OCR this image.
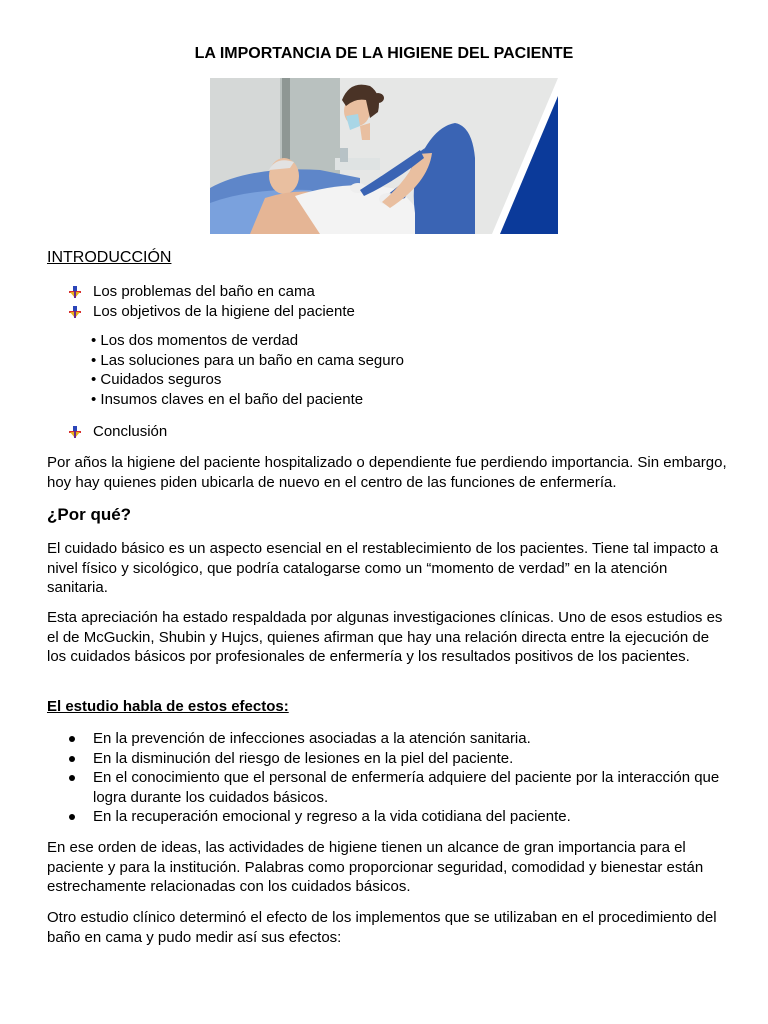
LA IMPORTANCIA DE LA HIGIENE DEL PACIENTE
INTRODUCCIÓN
Los problemas del baño en cama
Los objetivos de la higiene del paciente
• Los dos momentos de verdad
• Las soluciones para un baño en cama seguro
• Cuidados seguros
• Insumos claves en el baño del paciente
Conclusión

Por años la higiene del paciente hospitalizado o dependiente fue perdiendo importancia. Sin embargo, hoy hay quienes piden ubicarla de nuevo en el centro de las funciones de enfermería.

¿Por qué?

El cuidado básico es un aspecto esencial en el restablecimiento de los pacientes. Tiene tal impacto a nivel físico y sicológico, que podría catalogarse como un “momento de verdad” en la atención sanitaria.

Esta apreciación ha estado respaldada por algunas investigaciones clínicas. Uno de esos estudios es el de McGuckin, Shubin y Hujcs, quienes afirman que hay una relación directa entre la ejecución de los cuidados básicos por profesionales de enfermería y los resultados positivos de los pacientes.

El estudio habla de estos efectos:
En la prevención de infecciones asociadas a la atención sanitaria.
En la disminución del riesgo de lesiones en la piel del paciente.
En el conocimiento que el personal de enfermería adquiere del paciente por la interacción que logra durante los cuidados básicos.
En la recuperación emocional y regreso a la vida cotidiana del paciente.

En ese orden de ideas, las actividades de higiene tienen un alcance de gran importancia para el paciente y para la institución. Palabras como proporcionar seguridad, comodidad y bienestar están estrechamente relacionadas con los cuidados básicos.

Otro estudio clínico determinó el efecto de los implementos que se utilizaban en el procedimiento del baño en cama y pudo medir así sus efectos:
